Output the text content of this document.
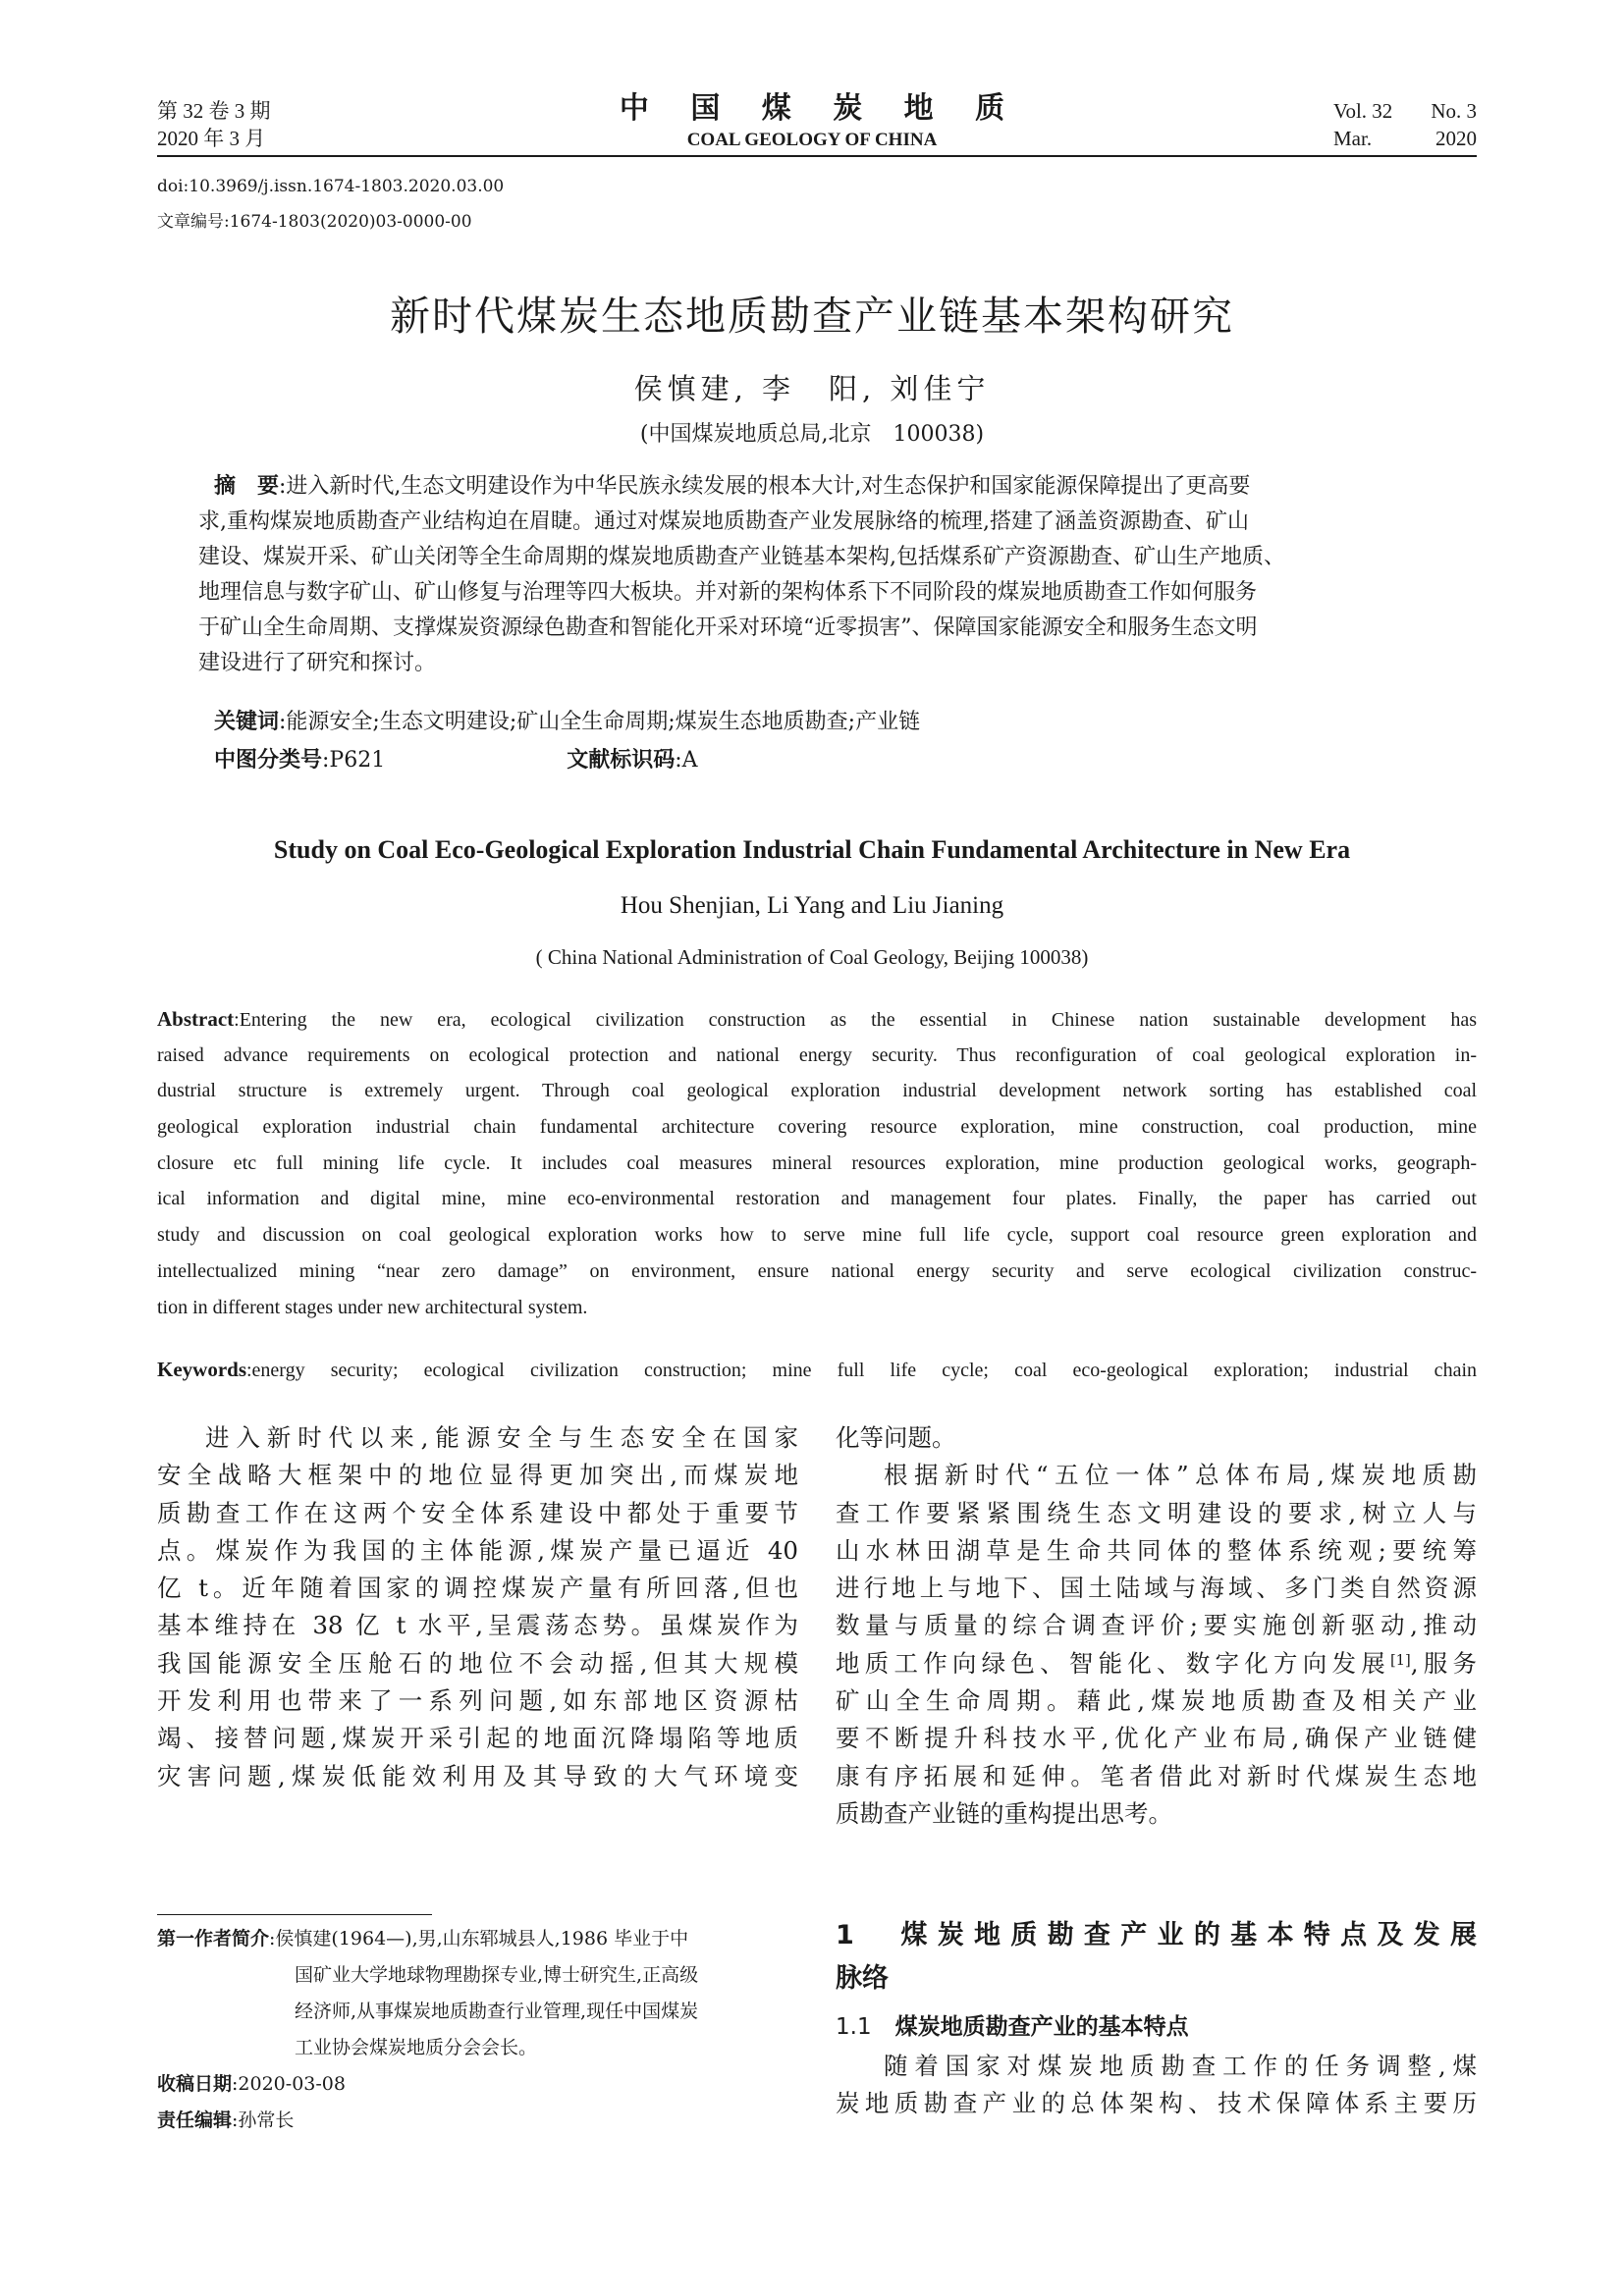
第 32 卷 3 期
2020 年 3 月
中 国 煤 炭 地 质
COAL GEOLOGY OF CHINA
Vol. 32 No. 3
Mar.	2020
doi:10.3969/j.issn.1674-1803.2020.03.00
文章编号:1674-1803(2020)03-0000-00
新时代煤炭生态地质勘查产业链基本架构研究
侯慎建, 李　阳, 刘佳宁
(中国煤炭地质总局,北京　100038)
摘　要:进入新时代,生态文明建设作为中华民族永续发展的根本大计,对生态保护和国家能源保障提出了更高要
求,重构煤炭地质勘查产业结构迫在眉睫。通过对煤炭地质勘查产业发展脉络的梳理,搭建了涵盖资源勘查、矿山
建设、煤炭开采、矿山关闭等全生命周期的煤炭地质勘查产业链基本架构,包括煤系矿产资源勘查、矿山生产地质、
地理信息与数字矿山、矿山修复与治理等四大板块。并对新的架构体系下不同阶段的煤炭地质勘查工作如何服务
于矿山全生命周期、支撑煤炭资源绿色勘查和智能化开采对环境“近零损害”、保障国家能源安全和服务生态文明
建设进行了研究和探讨。
关键词:能源安全;生态文明建设;矿山全生命周期;煤炭生态地质勘查;产业链
中图分类号:P621	文献标识码:A
Study on Coal Eco-Geological Exploration Industrial Chain Fundamental Architecture in New Era
Hou Shenjian, Li Yang and Liu Jianing
( China National Administration of Coal Geology, Beijing 100038)
Abstract:Entering the new era, ecological civilization construction as the essential in Chinese nation sustainable development has
raised advance requirements on ecological protection and national energy security. Thus reconfiguration of coal geological exploration in-
dustrial structure is extremely urgent. Through coal geological exploration industrial development network sorting has established coal
geological exploration industrial chain fundamental architecture covering resource exploration, mine construction, coal production, mine
closure etc full mining life cycle. It includes coal measures mineral resources exploration, mine production geological works, geograph-
ical information and digital mine, mine eco-environmental restoration and management four plates. Finally, the paper has carried out
study and discussion on coal geological exploration works how to serve mine full life cycle, support coal resource green exploration and
intellectualized mining “near zero damage” on environment, ensure national energy security and serve ecological civilization construc-
tion in different stages under new architectural system.
Keywords:energy security; ecological civilization construction; mine full life cycle; coal eco-geological exploration; industrial chain
进入新时代以来,能源安全与生态安全在国家
安全战略大框架中的地位显得更加突出,而煤炭地
质勘查工作在这两个安全体系建设中都处于重要节
点。煤炭作为我国的主体能源,煤炭产量已逼近 40
亿 t。近年随着国家的调控煤炭产量有所回落,但也
基本维持在 38 亿 t 水平,呈震荡态势。虽煤炭作为
我国能源安全压舱石的地位不会动摇,但其大规模
开发利用也带来了一系列问题,如东部地区资源枯
竭、接替问题,煤炭开采引起的地面沉降塌陷等地质
灾害问题,煤炭低能效利用及其导致的大气环境变
第一作者简介:侯慎建(1964—),男,山东郓城县人,1986 毕业于中
国矿业大学地球物理勘探专业,博士研究生,正高级
经济师,从事煤炭地质勘查行业管理,现任中国煤炭
工业协会煤炭地质分会会长。
收稿日期:2020-03-08
责任编辑:孙常长
化等问题。
根据新时代“五位一体”总体布局,煤炭地质勘
查工作要紧紧围绕生态文明建设的要求,树立人与
山水林田湖草是生命共同体的整体系统观;要统筹
进行地上与地下、国土陆域与海域、多门类自然资源
数量与质量的综合调查评价;要实施创新驱动,推动
地质工作向绿色、智能化、数字化方向发展[1],服务
矿山全生命周期。藉此,煤炭地质勘查及相关产业
要不断提升科技水平,优化产业布局,确保产业链健
康有序拓展和延伸。笔者借此对新时代煤炭生态地
质勘查产业链的重构提出思考。
1　煤炭地质勘查产业的基本特点及发展
脉络
1.1 煤炭地质勘查产业的基本特点
随着国家对煤炭地质勘查工作的任务调整,煤
炭地质勘查产业的总体架构、技术保障体系主要历
